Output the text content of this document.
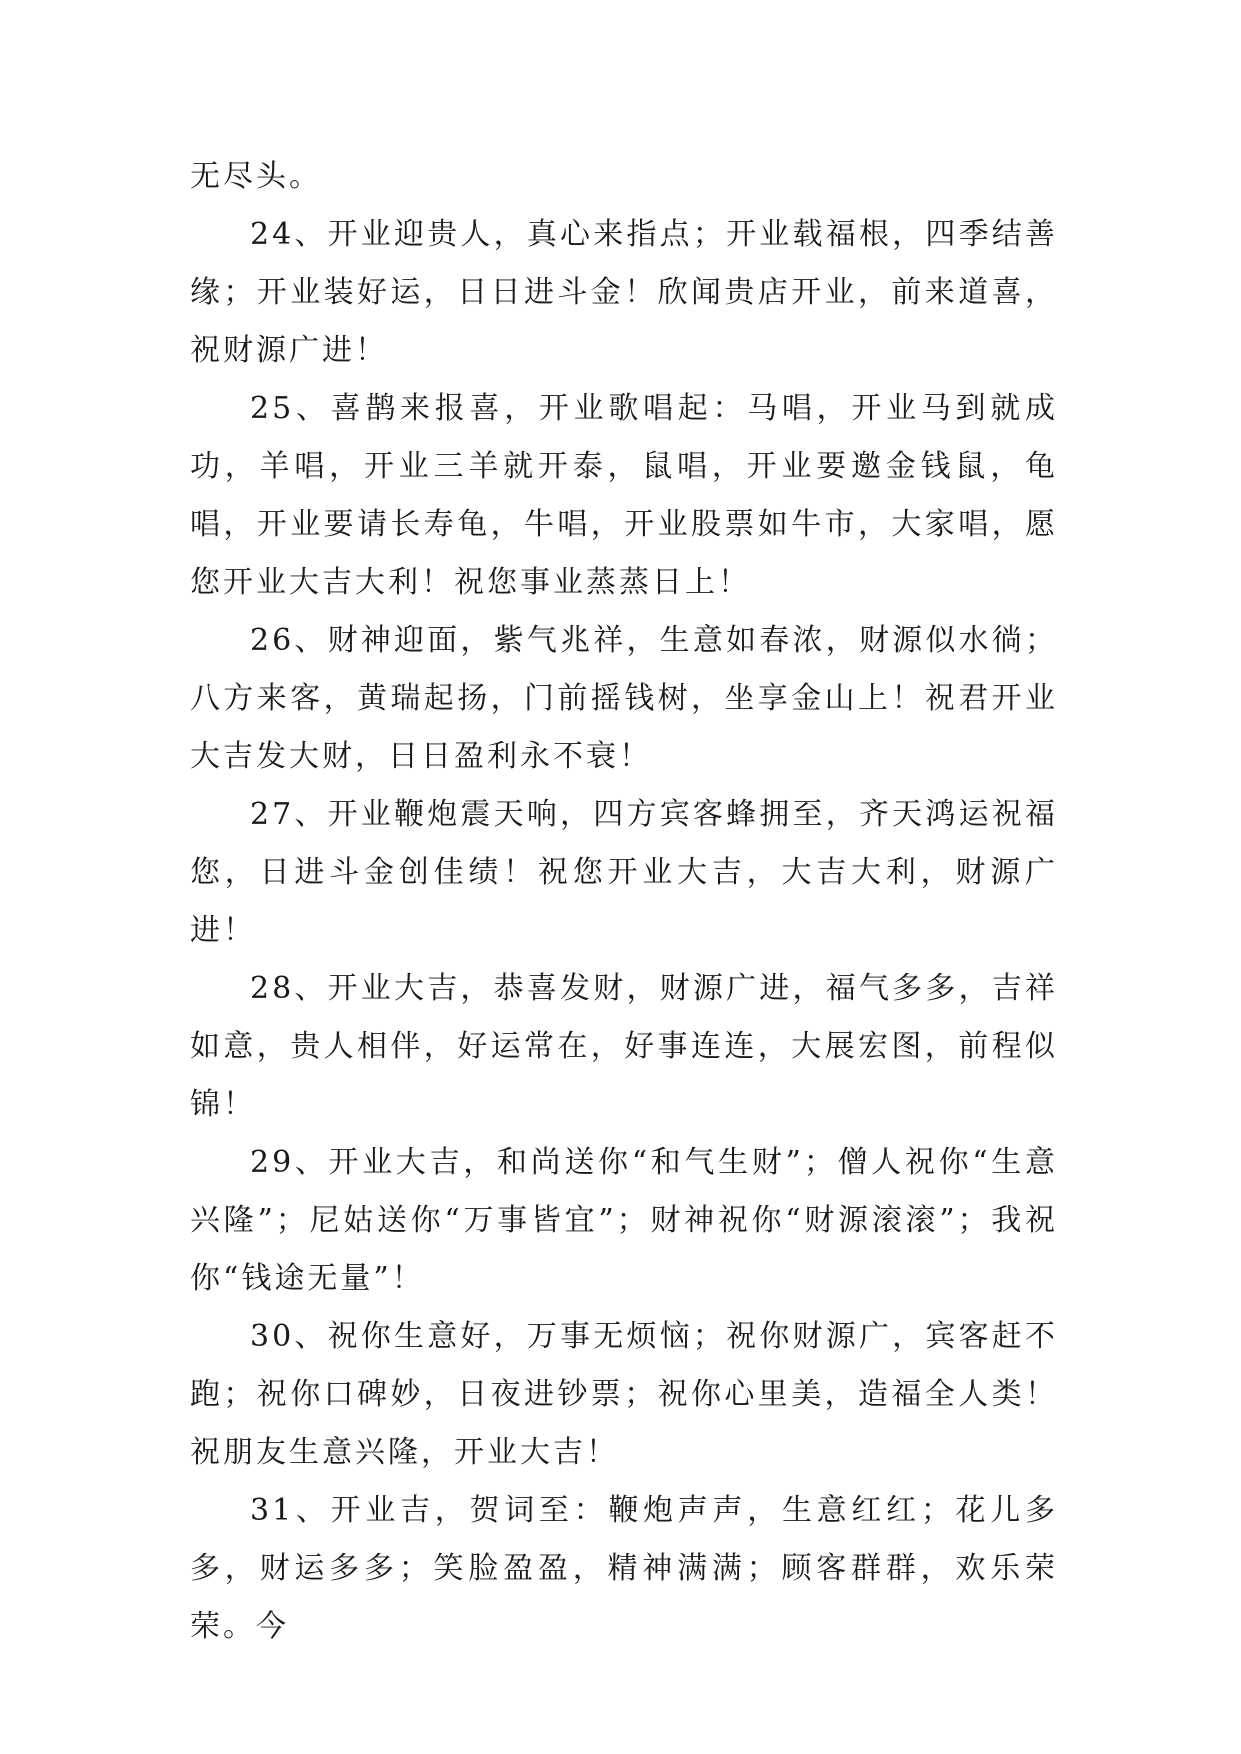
无尽头。

24、开业迎贵人，真心来指点；开业载福根，四季结善缘；开业装好运，日日进斗金！欣闻贵店开业，前来道喜，祝财源广进！

25、喜鹊来报喜，开业歌唱起：马唱，开业马到就成功，羊唱，开业三羊就开泰，鼠唱，开业要邀金钱鼠，龟唱，开业要请长寿龟，牛唱，开业股票如牛市，大家唱，愿您开业大吉大利！祝您事业蒸蒸日上！

26、财神迎面，紫气兆祥，生意如春浓，财源似水徜；八方来客，黄瑞起扬，门前摇钱树，坐享金山上！祝君开业大吉发大财，日日盈利永不衰！

27、开业鞭炮震天响，四方宾客蜂拥至，齐天鸿运祝福您，日进斗金创佳绩！祝您开业大吉，大吉大利，财源广进！

28、开业大吉，恭喜发财，财源广进，福气多多，吉祥如意，贵人相伴，好运常在，好事连连，大展宏图，前程似锦！

29、开业大吉，和尚送你“和气生财”；僧人祝你“生意兴隆”；尼姑送你“万事皆宜”；财神祝你“财源滚滚”；我祝你“钱途无量”！

30、祝你生意好，万事无烦恼；祝你财源广，宾客赶不跑；祝你口碑妙，日夜进钞票；祝你心里美，造福全人类！祝朋友生意兴隆，开业大吉！

31、开业吉，贺词至：鞭炮声声，生意红红；花儿多多，财运多多；笑脸盈盈，精神满满；顾客群群，欢乐荣荣。今
